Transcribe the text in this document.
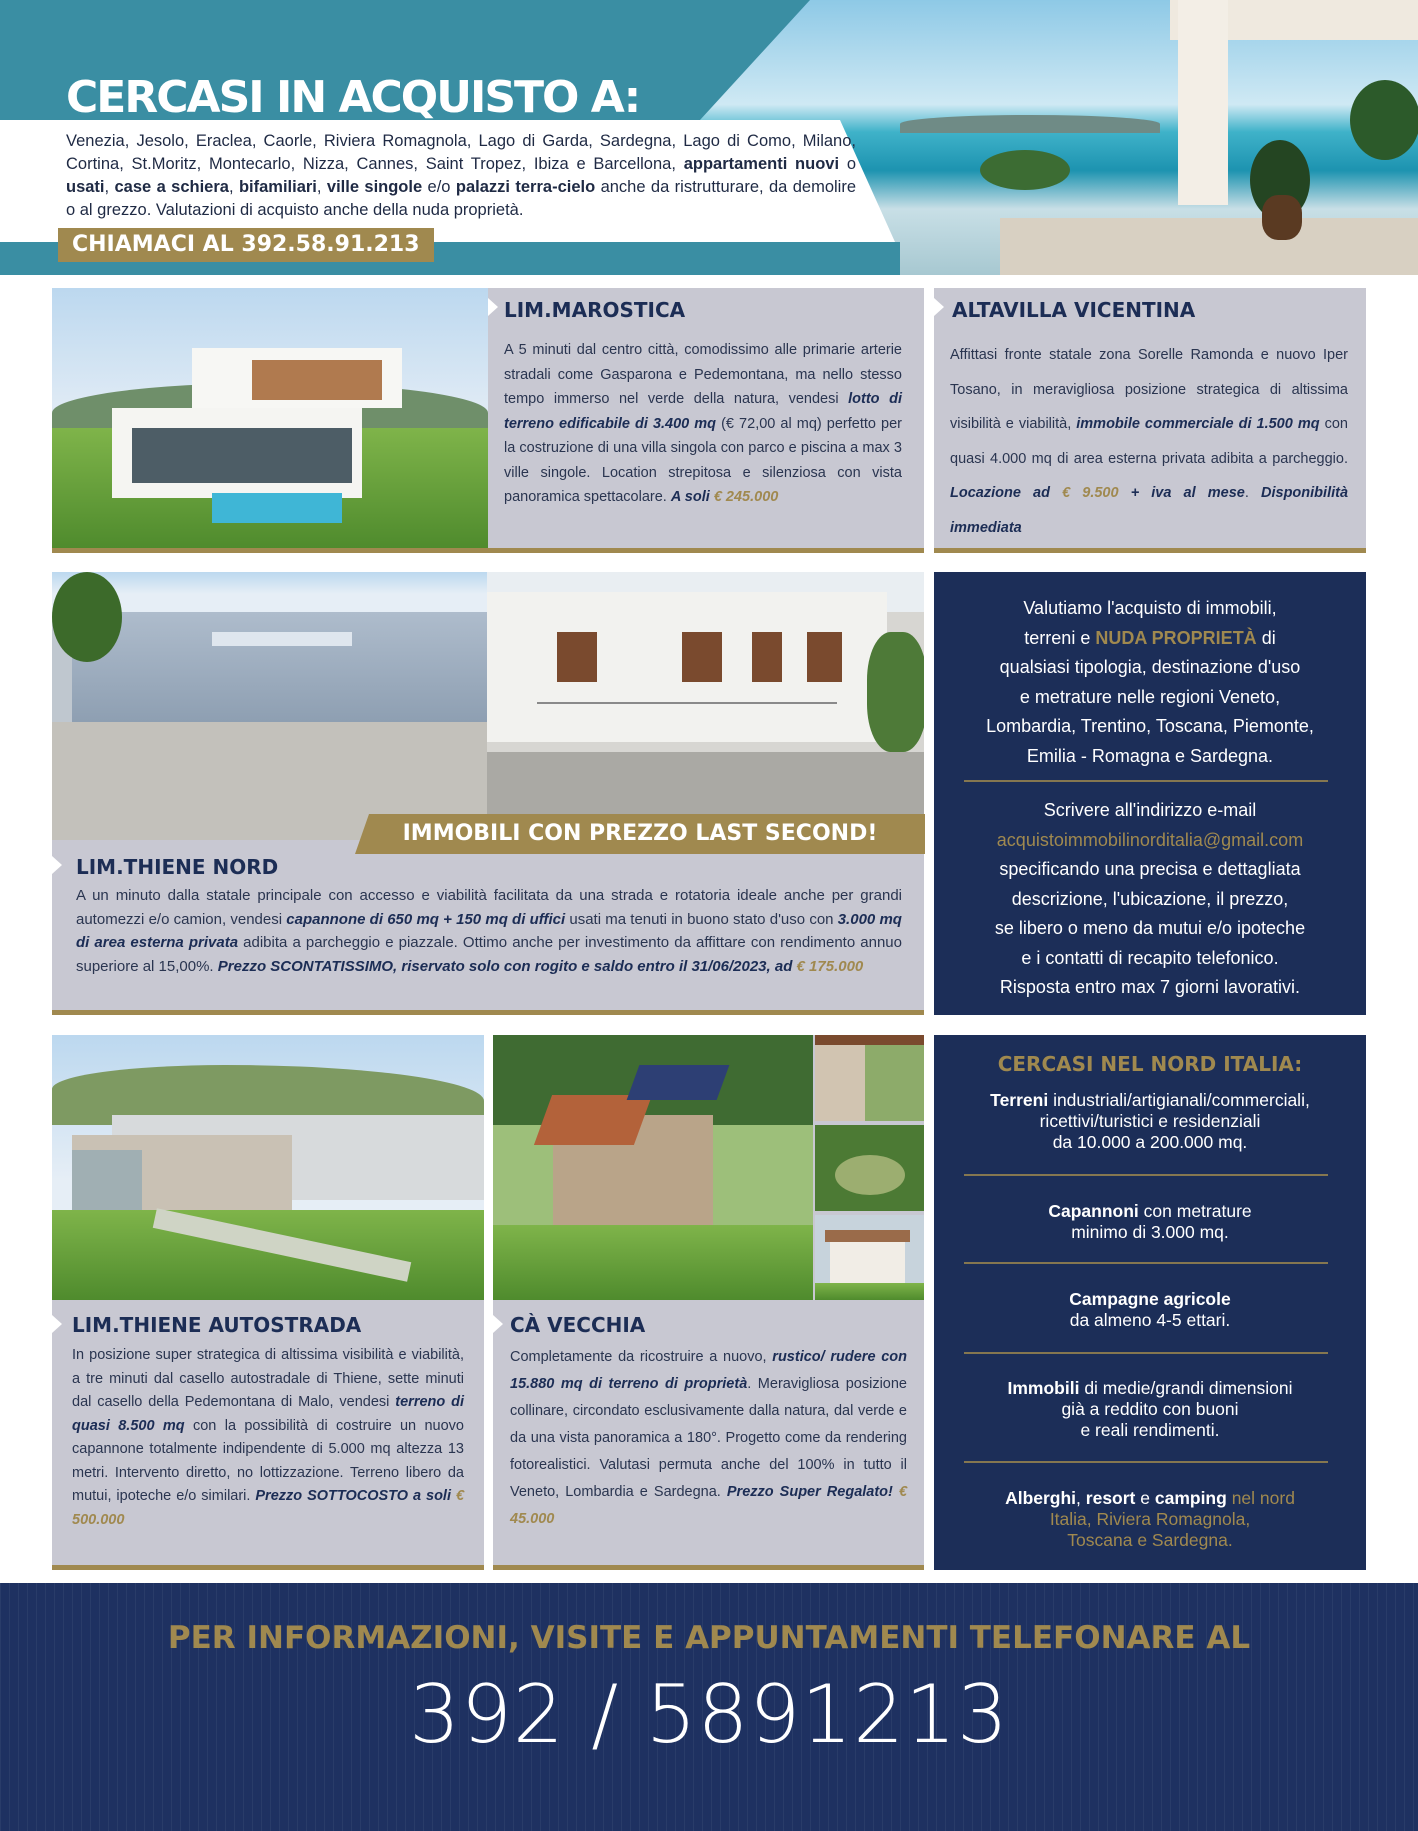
CERCASI IN ACQUISTO A:
Venezia, Jesolo, Eraclea, Caorle, Riviera Romagnola, Lago di Garda, Sardegna, Lago di Como, Milano, Cortina, St.Moritz, Montecarlo, Nizza, Cannes, Saint Tropez, Ibiza e Barcellona, appartamenti nuovi o usati, case a schiera, bifamiliari, ville singole e/o palazzi terra-cielo anche da ristrutturare, da demolire o al grezzo. Valutazioni di acquisto anche della nuda proprietà.
CHIAMACI AL 392.58.91.213
LIM.MAROSTICA
A 5 minuti dal centro città, comodissimo alle primarie arterie stradali come Gasparona e Pedemontana, ma nello stesso tempo immerso nel verde della natura, vendesi lotto di terreno edificabile di 3.400 mq (€ 72,00 al mq) perfetto per la costruzione di una villa singola con parco e piscina a max 3 ville singole. Location strepitosa e silenziosa con vista panoramica spettacolare. A soli € 245.000
ALTAVILLA VICENTINA
Affittasi fronte statale zona Sorelle Ramonda e nuovo Iper Tosano, in meravigliosa posizione strategica di altissima visibilità e viabilità, immobile commerciale di 1.500 mq con quasi 4.000 mq di area esterna privata adibita a parcheggio. Locazione ad € 9.500 + iva al mese. Disponibilità immediata
IMMOBILI CON PREZZO LAST SECOND!
LIM.THIENE NORD
A un minuto dalla statale principale con accesso e viabilità facilitata da una strada e rotatoria ideale anche per grandi automezzi e/o camion, vendesi capannone di 650 mq + 150 mq di uffici usati ma tenuti in buono stato d'uso con 3.000 mq di area esterna privata adibita a parcheggio e piazzale. Ottimo anche per investimento da affittare con rendimento annuo superiore al 15,00%. Prezzo SCONTATISSIMO, riservato solo con rogito e saldo entro il 31/06/2023, ad € 175.000
Valutiamo l'acquisto di immobili,
terreni e NUDA PROPRIETÀ di
qualsiasi tipologia, destinazione d'uso
e metrature nelle regioni Veneto,
Lombardia, Trentino, Toscana, Piemonte,
Emilia - Romagna e Sardegna.
Scrivere all'indirizzo e-mail
acquistoimmobilinorditalia@gmail.com
specificando una precisa e dettagliata
descrizione, l'ubicazione, il prezzo,
se libero o meno da mutui e/o ipoteche
e i contatti di recapito telefonico.
Risposta entro max 7 giorni lavorativi.
LIM.THIENE AUTOSTRADA
In posizione super strategica di altissima visibilità e viabilità, a tre minuti dal casello autostradale di Thiene, sette minuti dal casello della Pedemontana di Malo, vendesi terreno di quasi 8.500 mq con la possibilità di costruire un nuovo capannone totalmente indipendente di 5.000 mq altezza 13 metri. Intervento diretto, no lottizzazione. Terreno libero da mutui, ipoteche e/o similari. Prezzo SOTTOCOSTO a soli € 500.000
CÀ VECCHIA
Completamente da ricostruire a nuovo, rustico/ rudere con 15.880 mq di terreno di proprietà. Meravigliosa posizione collinare, circondato esclusivamente dalla natura, dal verde e da una vista panoramica a 180°. Progetto come da rendering fotorealistici. Valutasi permuta anche del 100% in tutto il Veneto, Lombardia e Sardegna. Prezzo Super Regalato! € 45.000
CERCASI NEL NORD ITALIA:
Terreni industriali/artigianali/commerciali,
ricettivi/turistici e residenziali
da 10.000 a 200.000 mq.
Capannoni con metrature
minimo di 3.000 mq.
Campagne agricole
da almeno 4-5 ettari.
Immobili di medie/grandi dimensioni
già a reddito con buoni
e reali rendimenti.
Alberghi, resort e camping nel nord
Italia, Riviera Romagnola,
Toscana e Sardegna.
PER INFORMAZIONI, VISITE E APPUNTAMENTI TELEFONARE AL
392 / 5891213
